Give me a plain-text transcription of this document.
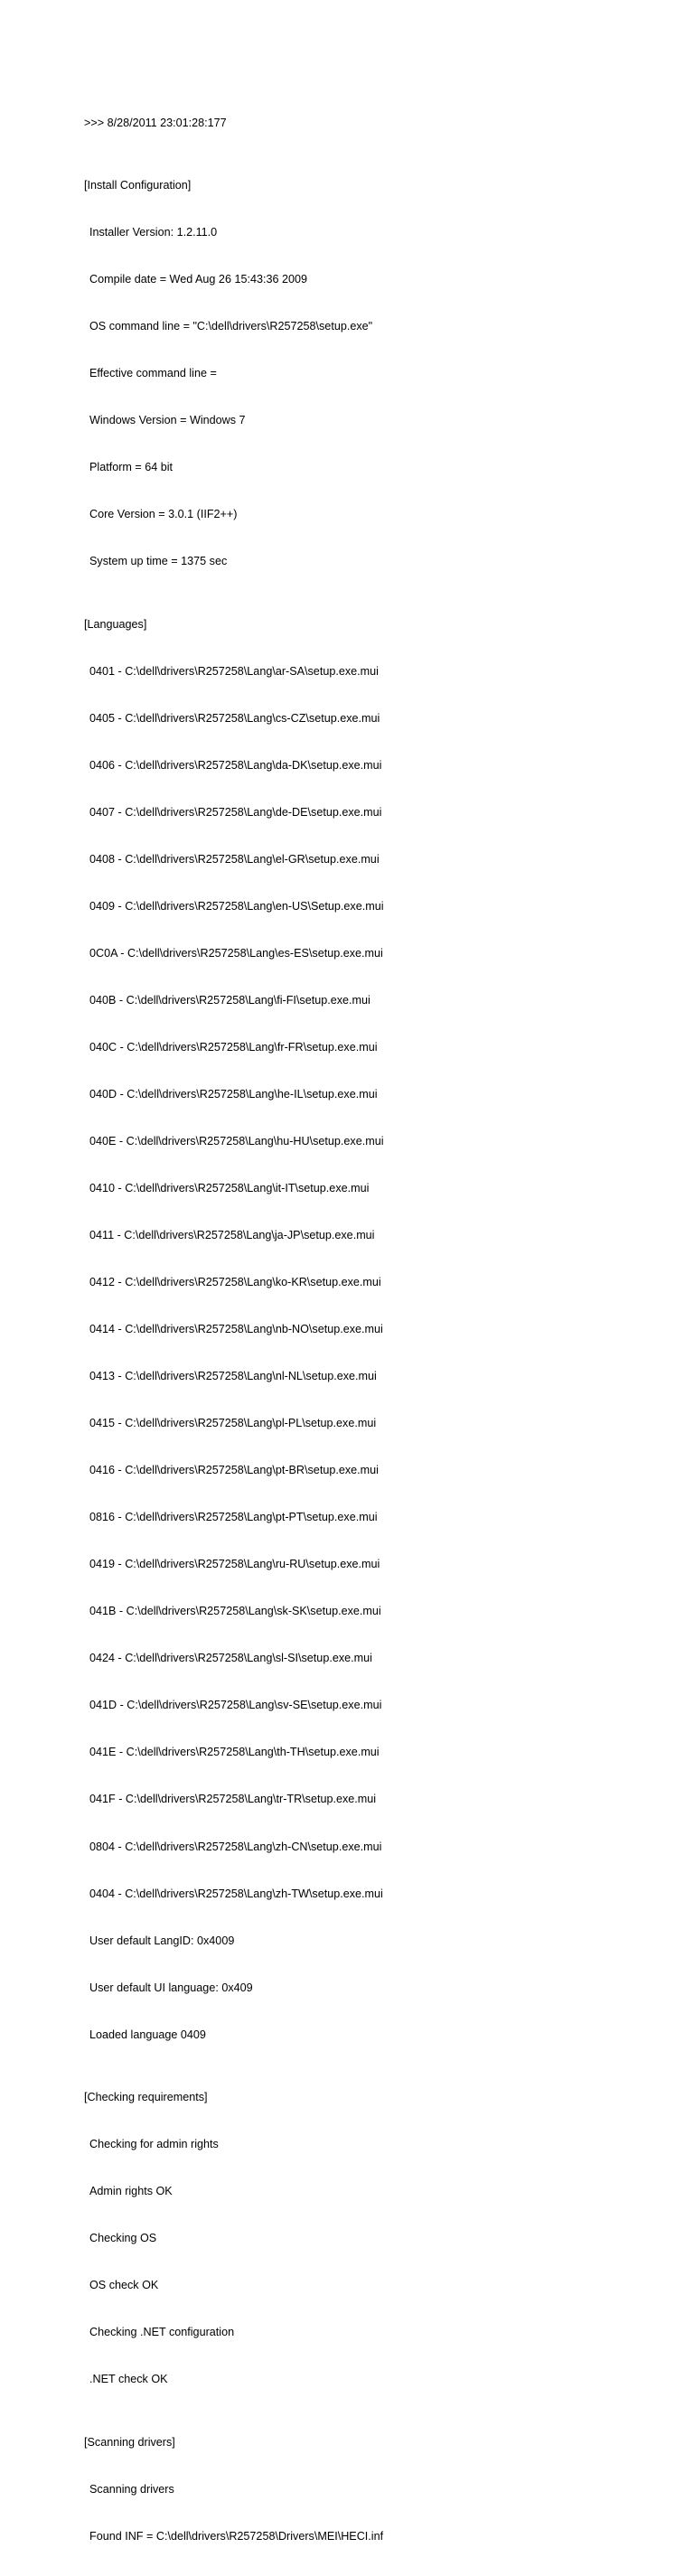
>>> 8/28/2011 23:01:28:177

[Install Configuration]

Installer Version: 1.2.11.0

Compile date = Wed Aug 26 15:43:36 2009

OS command line = "C:\dell\drivers\R257258\setup.exe"

Effective command line =

Windows Version = Windows 7

Platform = 64 bit

Core Version = 3.0.1 (IIF2++)

System up time = 1375 sec

[Languages]

0401 - C:\dell\drivers\R257258\Lang\ar-SA\setup.exe.mui

0405 - C:\dell\drivers\R257258\Lang\cs-CZ\setup.exe.mui

0406 - C:\dell\drivers\R257258\Lang\da-DK\setup.exe.mui

0407 - C:\dell\drivers\R257258\Lang\de-DE\setup.exe.mui

0408 - C:\dell\drivers\R257258\Lang\el-GR\setup.exe.mui

0409 - C:\dell\drivers\R257258\Lang\en-US\Setup.exe.mui

0C0A - C:\dell\drivers\R257258\Lang\es-ES\setup.exe.mui

040B - C:\dell\drivers\R257258\Lang\fi-FI\setup.exe.mui

040C - C:\dell\drivers\R257258\Lang\fr-FR\setup.exe.mui

040D - C:\dell\drivers\R257258\Lang\he-IL\setup.exe.mui

040E - C:\dell\drivers\R257258\Lang\hu-HU\setup.exe.mui

0410 - C:\dell\drivers\R257258\Lang\it-IT\setup.exe.mui

0411 - C:\dell\drivers\R257258\Lang\ja-JP\setup.exe.mui

0412 - C:\dell\drivers\R257258\Lang\ko-KR\setup.exe.mui

0414 - C:\dell\drivers\R257258\Lang\nb-NO\setup.exe.mui

0413 - C:\dell\drivers\R257258\Lang\nl-NL\setup.exe.mui

0415 - C:\dell\drivers\R257258\Lang\pl-PL\setup.exe.mui

0416 - C:\dell\drivers\R257258\Lang\pt-BR\setup.exe.mui

0816 - C:\dell\drivers\R257258\Lang\pt-PT\setup.exe.mui

0419 - C:\dell\drivers\R257258\Lang\ru-RU\setup.exe.mui

041B - C:\dell\drivers\R257258\Lang\sk-SK\setup.exe.mui

0424 - C:\dell\drivers\R257258\Lang\sl-SI\setup.exe.mui

041D - C:\dell\drivers\R257258\Lang\sv-SE\setup.exe.mui

041E - C:\dell\drivers\R257258\Lang\th-TH\setup.exe.mui

041F - C:\dell\drivers\R257258\Lang\tr-TR\setup.exe.mui

0804 - C:\dell\drivers\R257258\Lang\zh-CN\setup.exe.mui

0404 - C:\dell\drivers\R257258\Lang\zh-TW\setup.exe.mui

User default LangID: 0x4009

User default UI language: 0x409

Loaded language 0409

[Checking requirements]

Checking for admin rights

Admin rights OK

Checking OS

OS check OK

Checking .NET configuration

.NET check OK

[Scanning drivers]

Scanning drivers

Found INF = C:\dell\drivers\R257258\Drivers\MEI\HECI.inf
